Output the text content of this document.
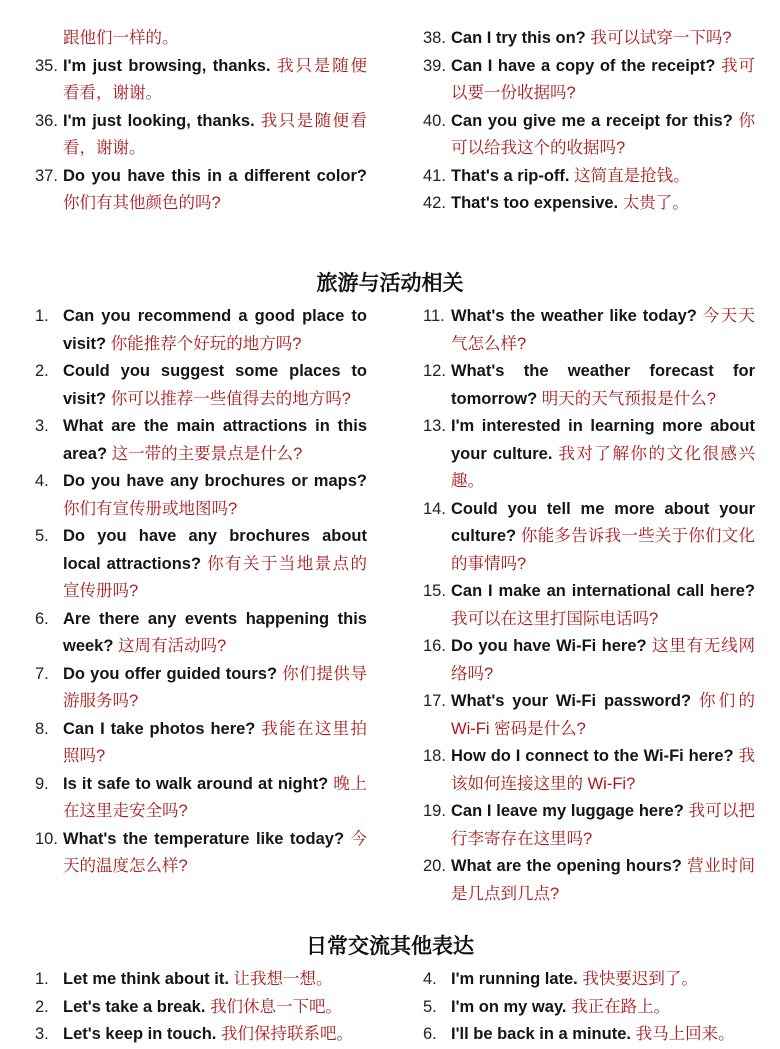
跟他们一样的。
35. I'm just browsing, thanks. 我只是随便看看，谢谢。
36. I'm just looking, thanks. 我只是随便看看，谢谢。
37. Do you have this in a different color? 你们有其他颜色的吗?
38. Can I try this on? 我可以试穿一下吗?
39. Can I have a copy of the receipt? 我可以要一份收据吗?
40. Can you give me a receipt for this? 你可以给我这个的收据吗?
41. That's a rip-off. 这简直是抢钱。
42. That's too expensive. 太贵了。
旅游与活动相关
1. Can you recommend a good place to visit? 你能推荐个好玩的地方吗?
2. Could you suggest some places to visit? 你可以推荐一些值得去的地方吗?
3. What are the main attractions in this area? 这一带的主要景点是什么?
4. Do you have any brochures or maps? 你们有宣传册或地图吗?
5. Do you have any brochures about local attractions? 你有关于当地景点的宣传册吗?
6. Are there any events happening this week? 这周有活动吗?
7. Do you offer guided tours? 你们提供导游服务吗?
8. Can I take photos here? 我能在这里拍照吗?
9. Is it safe to walk around at night? 晚上在这里走安全吗?
10. What's the temperature like today? 今天的温度怎么样?
11. What's the weather like today? 今天天气怎么样?
12. What's the weather forecast for tomorrow? 明天的天气预报是什么?
13. I'm interested in learning more about your culture. 我对了解你的文化很感兴趣。
14. Could you tell me more about your culture? 你能多告诉我一些关于你们文化的事情吗?
15. Can I make an international call here? 我可以在这里打国际电话吗?
16. Do you have Wi-Fi here? 这里有无线网络吗?
17. What's your Wi-Fi password? 你们的 Wi-Fi 密码是什么?
18. How do I connect to the Wi-Fi here? 我该如何连接这里的 Wi-Fi?
19. Can I leave my luggage here? 我可以把行李寄存在这里吗?
20. What are the opening hours? 营业时间是几点到几点?
日常交流其他表达
1. Let me think about it. 让我想一想。
2. Let's take a break. 我们休息一下吧。
3. Let's keep in touch. 我们保持联系吧。
4. I'm running late. 我快要迟到了。
5. I'm on my way. 我正在路上。
6. I'll be back in a minute. 我马上回来。
